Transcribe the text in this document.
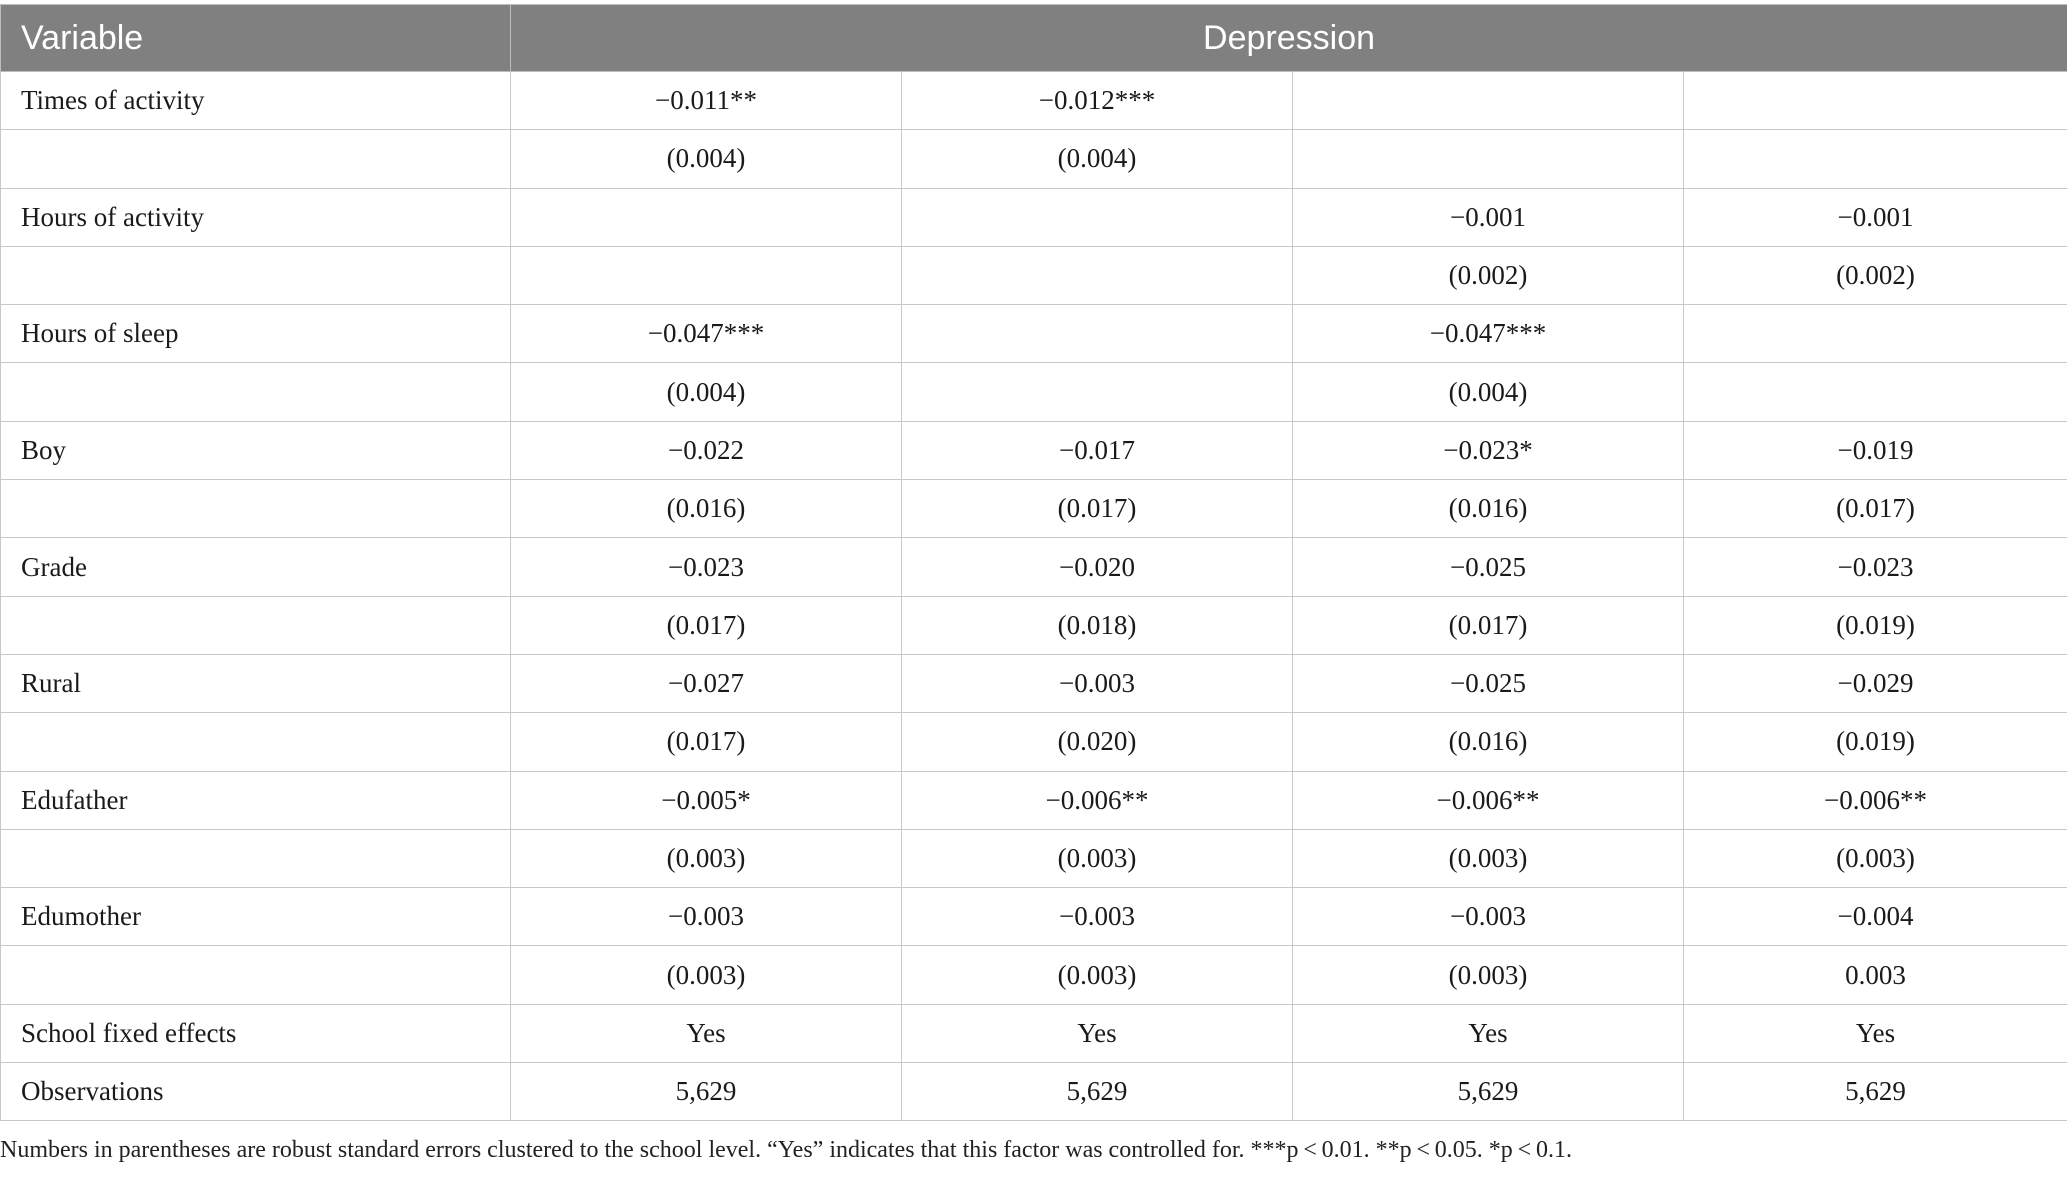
Variable	Depression			
Times of activity	−0.011**	−0.012***		
	(0.004)	(0.004)		
Hours of activity			−0.001	−0.001
			(0.002)	(0.002)
Hours of sleep	−0.047***		−0.047***	
	(0.004)		(0.004)	
Boy	−0.022	−0.017	−0.023*	−0.019
	(0.016)	(0.017)	(0.016)	(0.017)
Grade	−0.023	−0.020	−0.025	−0.023
	(0.017)	(0.018)	(0.017)	(0.019)
Rural	−0.027	−0.003	−0.025	−0.029
	(0.017)	(0.020)	(0.016)	(0.019)
Edufather	−0.005*	−0.006**	−0.006**	−0.006**
	(0.003)	(0.003)	(0.003)	(0.003)
Edumother	−0.003	−0.003	−0.003	−0.004
	(0.003)	(0.003)	(0.003)	0.003
School fixed effects	Yes	Yes	Yes	Yes
Observations	5,629	5,629	5,629	5,629
Numbers in parentheses are robust standard errors clustered to the school level. “Yes” indicates that this factor was controlled for. ***p < 0.01. **p < 0.05. *p < 0.1.
